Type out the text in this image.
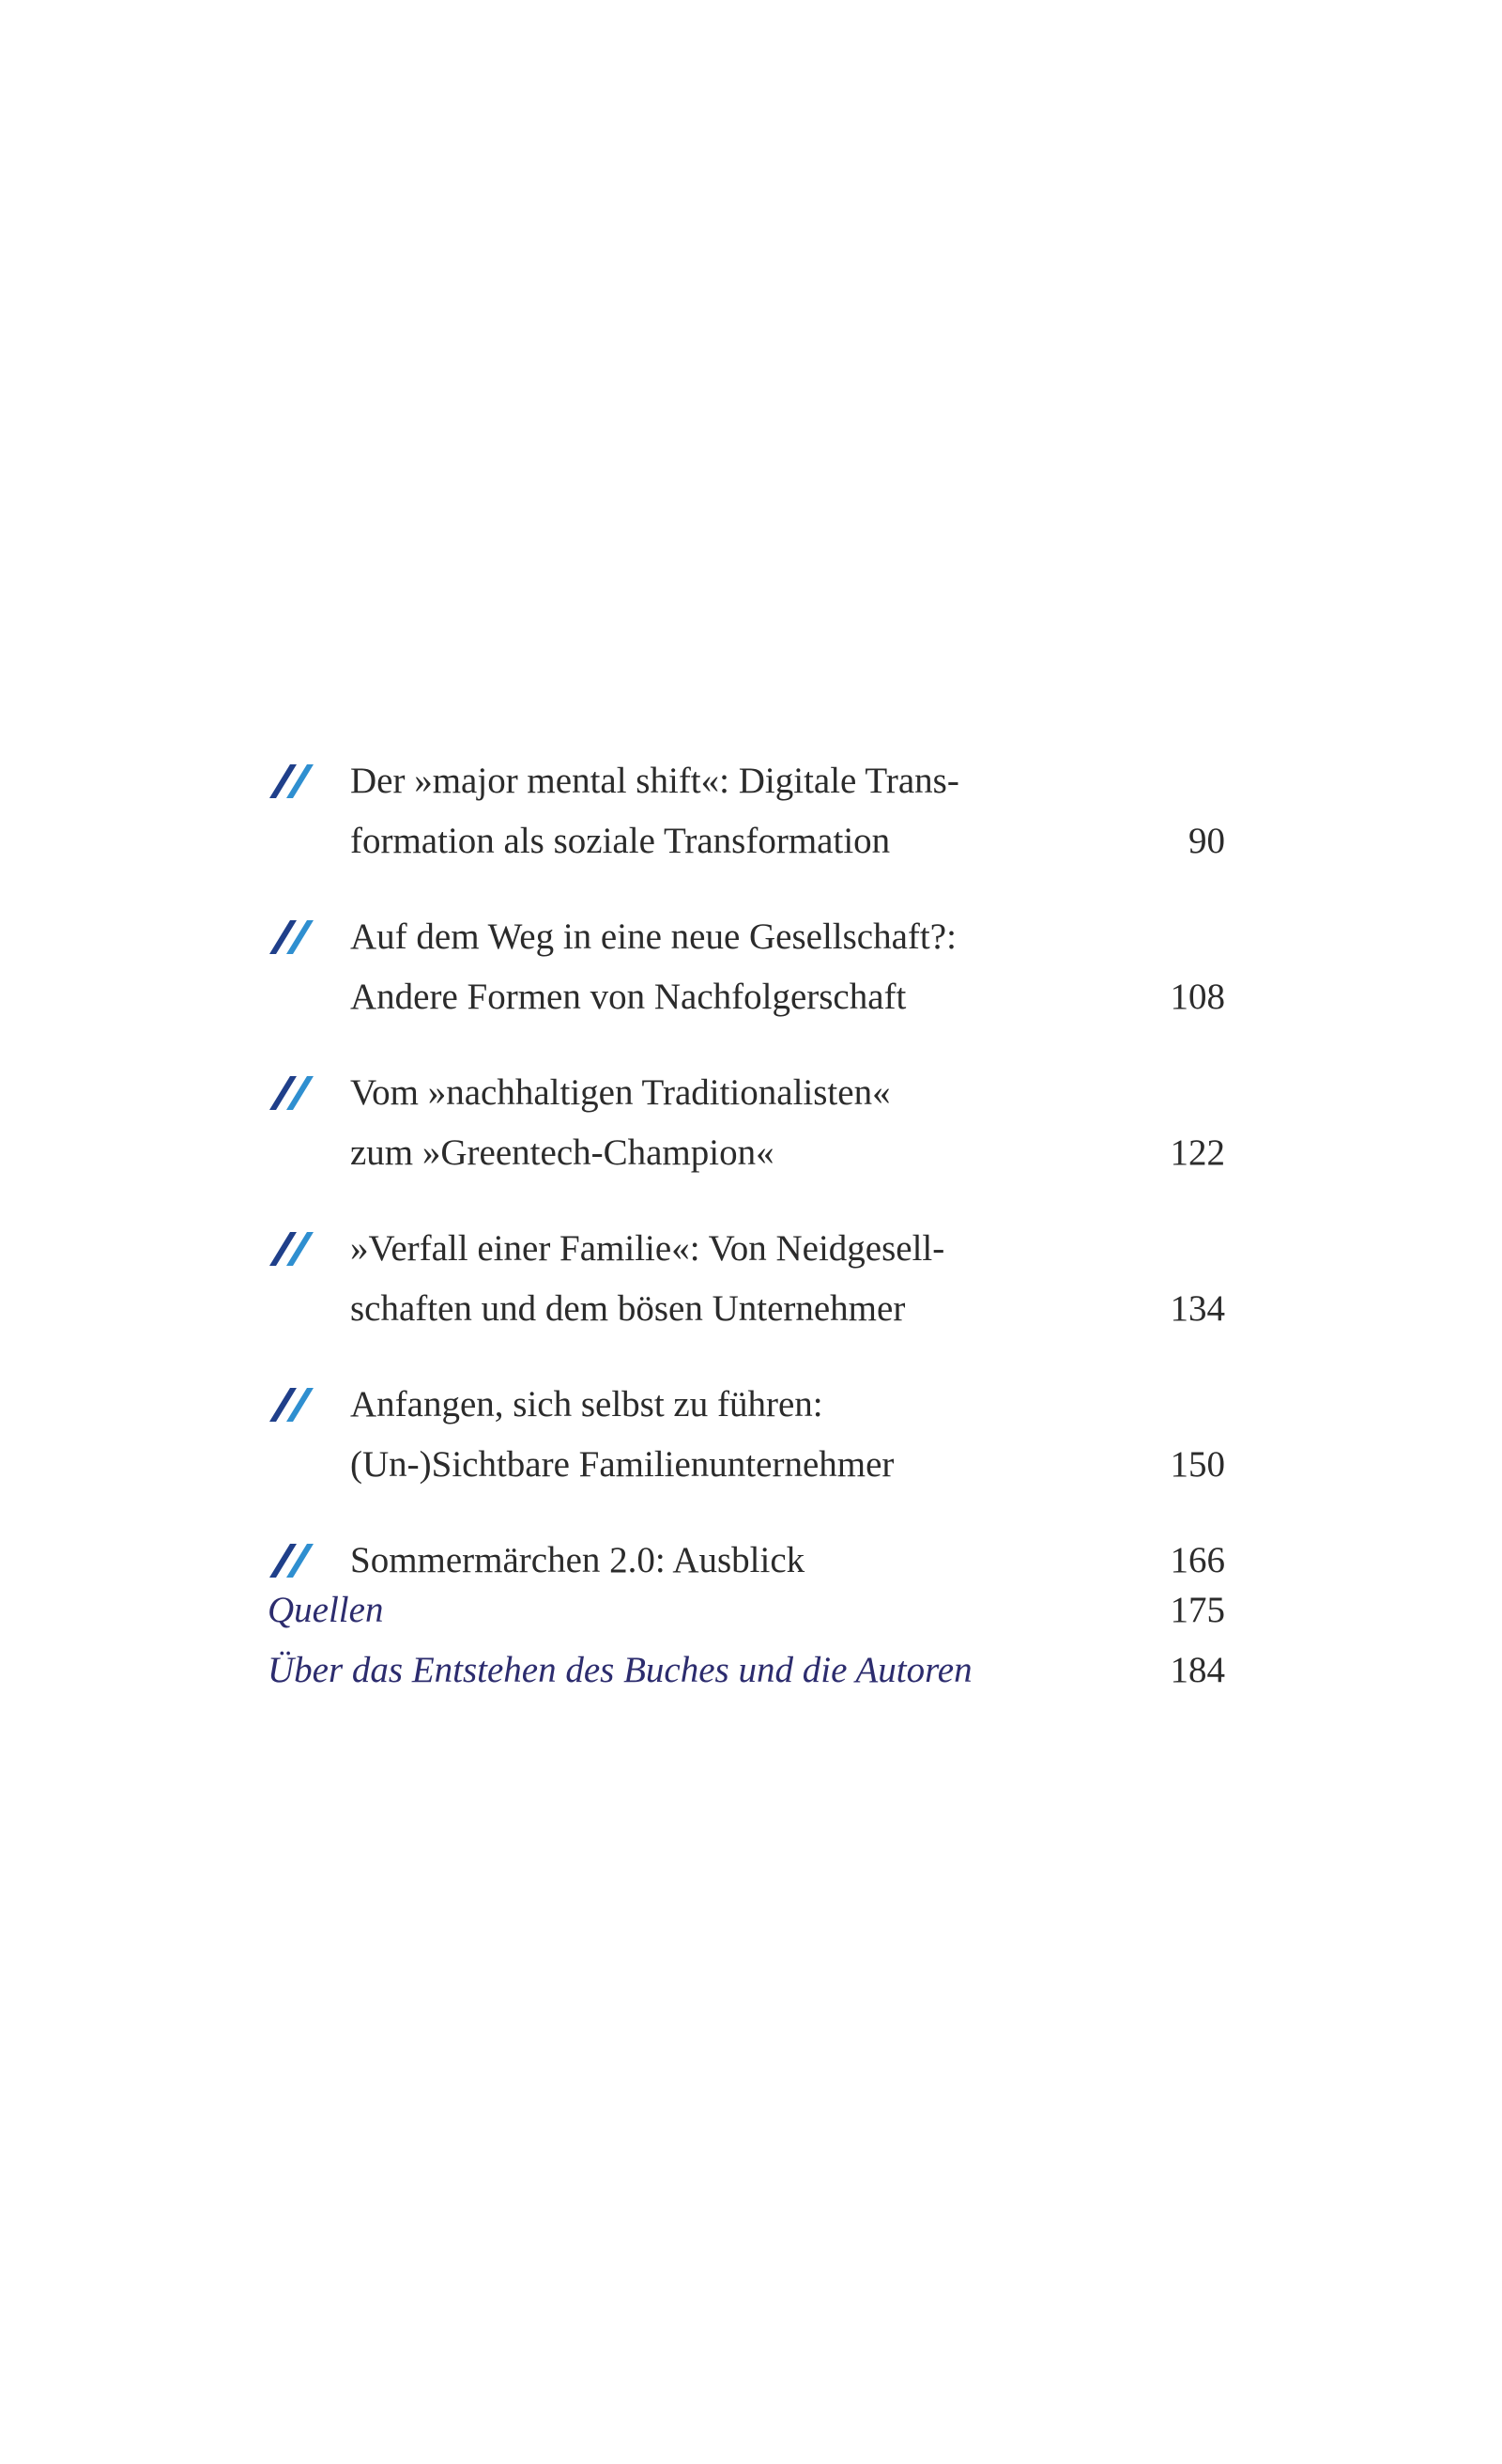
Der »major mental shift«: Digitale Trans-
formation als soziale Transformation	90
Auf dem Weg in eine neue Gesellschaft?:
Andere Formen von Nachfolgerschaft	108
Vom »nachhaltigen Traditionalisten«
zum »Greentech-Champion«	122
»Verfall einer Familie«: Von Neidgesell-
schaften und dem bösen Unternehmer	134
Anfangen, sich selbst zu führen:
(Un-)Sichtbare Familienunternehmer	150
Sommermärchen 2.0: Ausblick	166
Quellen	175
Über das Entstehen des Buches und die Autoren	184
